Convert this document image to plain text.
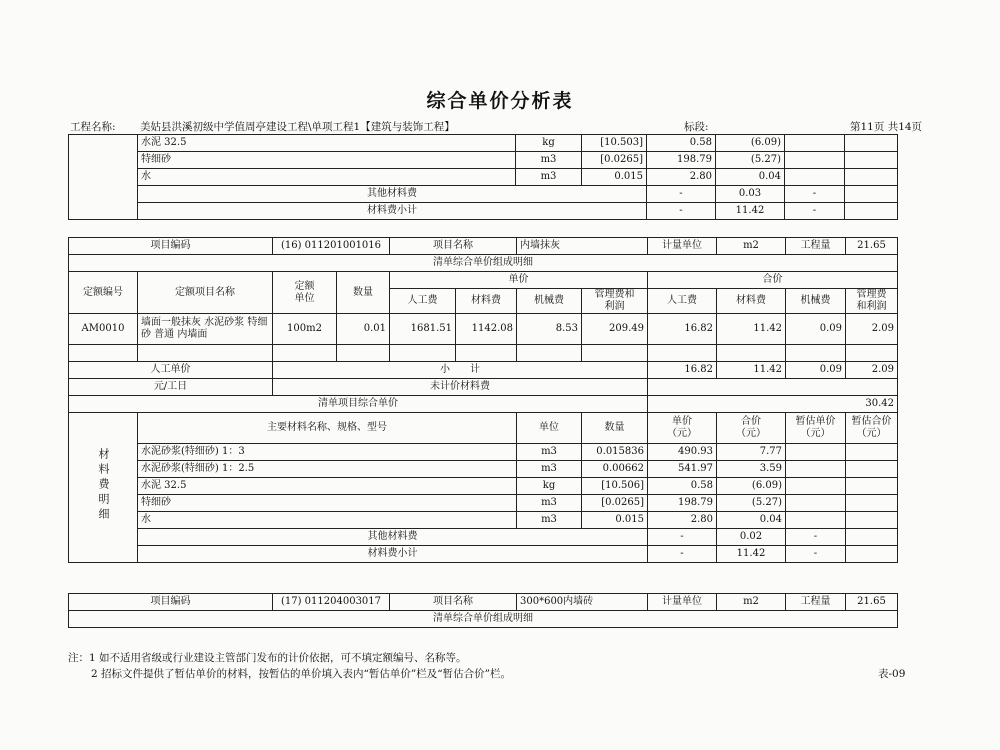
综合单价分析表
工程名称: 美姑县洪溪初级中学值周亭建设工程\单项工程1【建筑与装饰工程】	标段:	第11页 共14页
	水泥 32.5	kg	[10.503]	0.58	(6.09)		
	特细砂	m3	[0.0265]	198.79	(5.27)		
	水	m3	0.015	2.80	0.04		
	其他材料费			-	0.03	-	
	材料费小计			-	11.42	-	
项目编码		(16) 011201001016		项目名称		内墙抹灰		计量单位	m2	工程量	21.65
清单综合单价组成明细											
定额编号	定额项目名称	定额单位	数量	单价				合价			
				人工费	材料费	机械费	管理费和利润	人工费	材料费	机械费	管理费和利润
AM0010	墙面一般抹灰 水泥砂浆 特细砂 普通 内墙面	100m2	0.01	1681.51	1142.08	8.53	209.49	16.82	11.42	0.09	2.09

人工单价		小　　计						16.82	11.42	0.09	2.09
元/工日		未计价材料费									
清单项目综合单价								30.42			
材料费明细	主要材料名称、规格、型号					单位	数量	单价（元）	合价（元）	暂估单价（元）	暂估合价（元）
	水泥砂浆(特细砂) 1：3					m3	0.015836	490.93	7.77		
	水泥砂浆(特细砂) 1：2.5					m3	0.00662	541.97	3.59		
	水泥 32.5					kg	[10.506]	0.58	(6.09)		
	特细砂					m3	[0.0265]	198.79	(5.27)		
	水					m3	0.015	2.80	0.04		
	其他材料费							-	0.02	-	
	材料费小计							-	11.42	-	
项目编码	(17) 011204003017	项目名称	300*600内墙砖	计量单位	m2	工程量	21.65
清单综合单价组成明细
注：1 如不适用省级或行业建设主管部门发布的计价依据，可不填定额编号、名称等。
2 招标文件提供了暂估单价的材料，按暂估的单价填入表内“暂估单价”栏及“暂估合价”栏。	表-09
